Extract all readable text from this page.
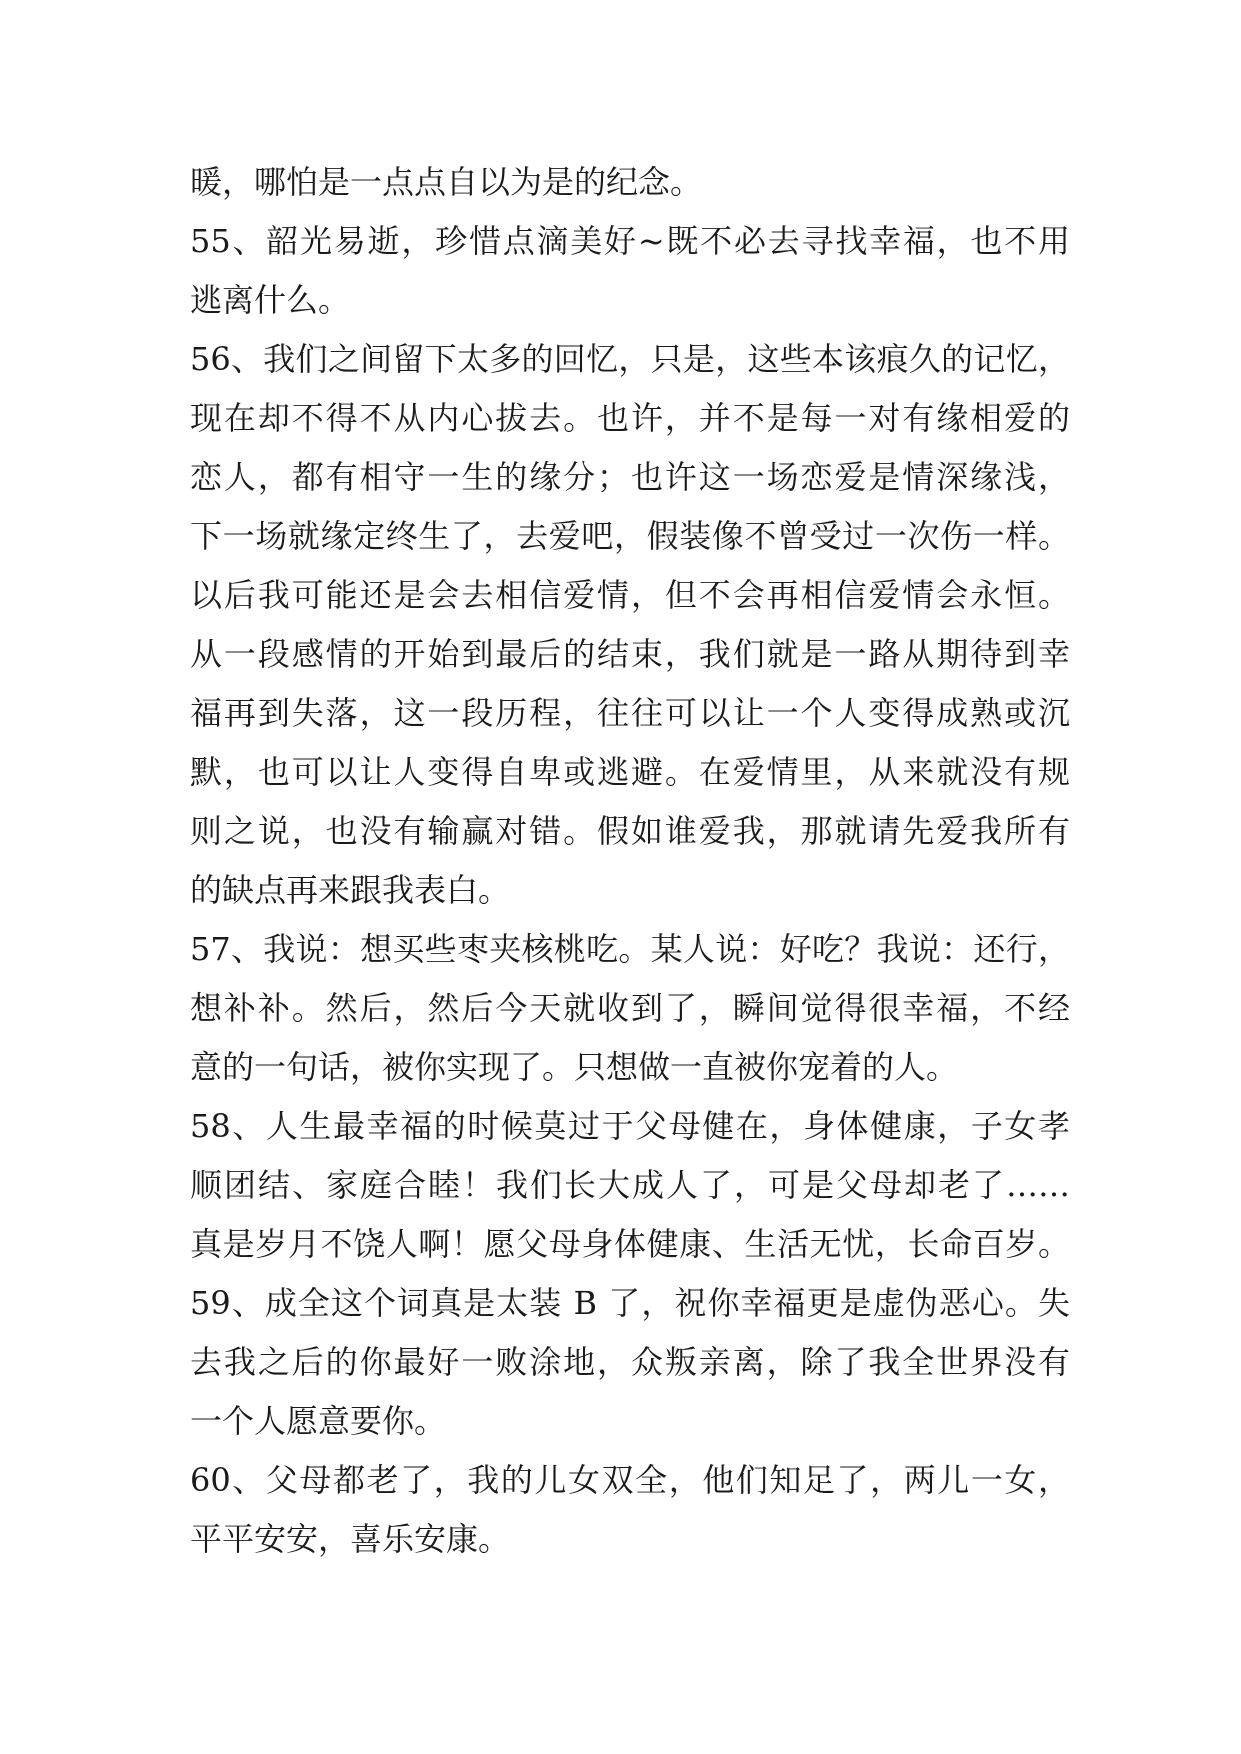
暖，哪怕是一点点自以为是的纪念。
55、韶光易逝，珍惜点滴美好~既不必去寻找幸福，也不用
逃离什么。
56、我们之间留下太多的回忆，只是，这些本该痕久的记忆，
现在却不得不从内心拔去。也许，并不是每一对有缘相爱的
恋人，都有相守一生的缘分；也许这一场恋爱是情深缘浅，
下一场就缘定终生了，去爱吧，假装像不曾受过一次伤一样。
以后我可能还是会去相信爱情，但不会再相信爱情会永恒。
从一段感情的开始到最后的结束，我们就是一路从期待到幸
福再到失落，这一段历程，往往可以让一个人变得成熟或沉
默，也可以让人变得自卑或逃避。在爱情里，从来就没有规
则之说，也没有输赢对错。假如谁爱我，那就请先爱我所有
的缺点再来跟我表白。
57、我说：想买些枣夹核桃吃。某人说：好吃？我说：还行，
想补补。然后，然后今天就收到了，瞬间觉得很幸福，不经
意的一句话，被你实现了。只想做一直被你宠着的人。
58、人生最幸福的时候莫过于父母健在，身体健康，子女孝
顺团结、家庭合睦！我们长大成人了，可是父母却老了……
真是岁月不饶人啊！愿父母身体健康、生活无忧，长命百岁。
59、成全这个词真是太装 B 了，祝你幸福更是虚伪恶心。失
去我之后的你最好一败涂地，众叛亲离，除了我全世界没有
一个人愿意要你。
60、父母都老了，我的儿女双全，他们知足了，两儿一女，
平平安安，喜乐安康。
